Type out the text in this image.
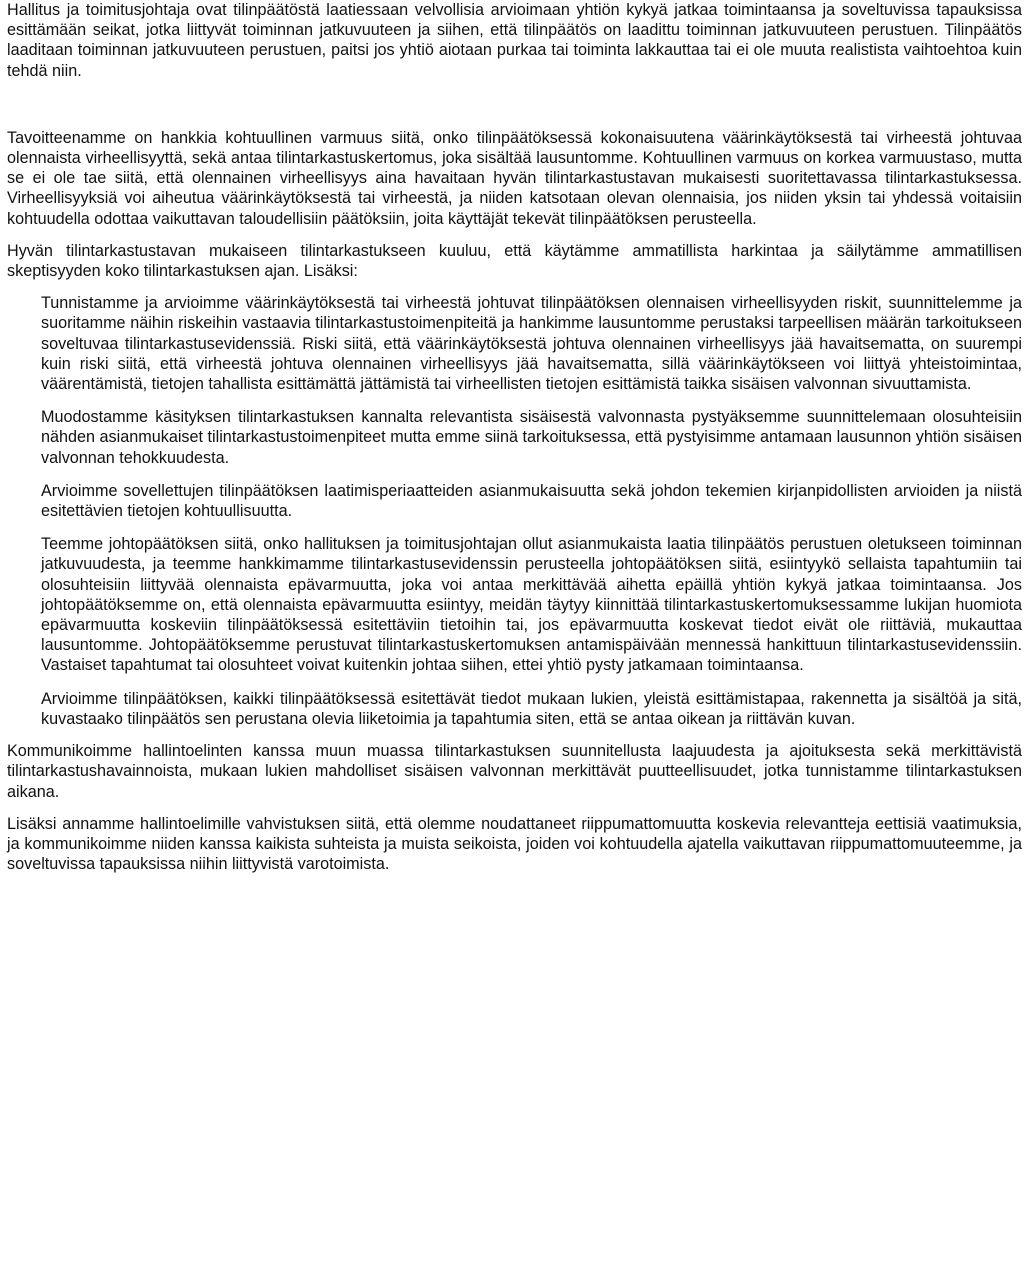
Hallitus ja toimitusjohtaja ovat tilinpäätöstä laatiessaan velvollisia arvioimaan yhtiön kykyä jatkaa toimintaansa ja soveltuvissa tapauksissa esittämään seikat, jotka liittyvät toiminnan jatkuvuuteen ja siihen, että tilinpäätös on laadittu toiminnan jatkuvuuteen perustuen. Tilinpäätös laaditaan toiminnan jatkuvuuteen perustuen, paitsi jos yhtiö aiotaan purkaa tai toiminta lakkauttaa tai ei ole muuta realistista vaihtoehtoa kuin tehdä niin.

Tavoitteenamme on hankkia kohtuullinen varmuus siitä, onko tilinpäätöksessä kokonaisuutena väärinkäytöksestä tai virheestä johtuvaa olennaista virheellisyyttä, sekä antaa tilintarkastuskertomus, joka sisältää lausuntomme. Kohtuullinen varmuus on korkea varmuustaso, mutta se ei ole tae siitä, että olennainen virheellisyys aina havaitaan hyvän tilintarkastustavan mukaisesti suoritettavassa tilintarkastuksessa. Virheellisyyksiä voi aiheutua väärinkäytöksestä tai virheestä, ja niiden katsotaan olevan olennaisia, jos niiden yksin tai yhdessä voitaisiin kohtuudella odottaa vaikuttavan taloudellisiin päätöksiin, joita käyttäjät tekevät tilinpäätöksen perusteella.

Hyvän tilintarkastustavan mukaiseen tilintarkastukseen kuuluu, että käytämme ammatillista harkintaa ja säilytämme ammatillisen skeptisyyden koko tilintarkastuksen ajan. Lisäksi:

Tunnistamme ja arvioimme väärinkäytöksestä tai virheestä johtuvat tilinpäätöksen olennaisen virheellisyyden riskit, suunnittelemme ja suoritamme näihin riskeihin vastaavia tilintarkastustoimenpiteitä ja hankimme lausuntomme perustaksi tarpeellisen määrän tarkoitukseen soveltuvaa tilintarkastusevidenssiä. Riski siitä, että väärinkäytöksestä johtuva olennainen virheellisyys jää havaitsematta, on suurempi kuin riski siitä, että virheestä johtuva olennainen virheellisyys jää havaitsematta, sillä väärinkäytökseen voi liittyä yhteistoimintaa, väärentämistä, tietojen tahallista esittämättä jättämistä tai virheellisten tietojen esittämistä taikka sisäisen valvonnan sivuuttamista.

Muodostamme käsityksen tilintarkastuksen kannalta relevantista sisäisestä valvonnasta pystyäksemme suunnittelemaan olosuhteisiin nähden asianmukaiset tilintarkastustoimenpiteet mutta emme siinä tarkoituksessa, että pystyisimme antamaan lausunnon yhtiön sisäisen valvonnan tehokkuudesta.

Arvioimme sovellettujen tilinpäätöksen laatimisperiaatteiden asianmukaisuutta sekä johdon tekemien kirjanpidollisten arvioiden ja niistä esitettävien tietojen kohtuullisuutta.

Teemme johtopäätöksen siitä, onko hallituksen ja toimitusjohtajan ollut asianmukaista laatia tilinpäätös perustuen oletukseen toiminnan jatkuvuudesta, ja teemme hankkimamme tilintarkastusevidenssin perusteella johtopäätöksen siitä, esiintyykö sellaista tapahtumiin tai olosuhteisiin liittyvää olennaista epävarmuutta, joka voi antaa merkittävää aihetta epäillä yhtiön kykyä jatkaa toimintaansa. Jos johtopäätöksemme on, että olennaista epävarmuutta esiintyy, meidän täytyy kiinnittää tilintarkastuskertomuksessamme lukijan huomiota epävarmuutta koskeviin tilinpäätöksessä esitettäviin tietoihin tai, jos epävarmuutta koskevat tiedot eivät ole riittäviä, mukauttaa lausuntomme. Johtopäätöksemme perustuvat tilintarkastuskertomuksen antamispäivään mennessä hankittuun tilintarkastusevidenssiin. Vastaiset tapahtumat tai olosuhteet voivat kuitenkin johtaa siihen, ettei yhtiö pysty jatkamaan toimintaansa.

Arvioimme tilinpäätöksen, kaikki tilinpäätöksessä esitettävät tiedot mukaan lukien, yleistä esittämistapaa, rakennetta ja sisältöä ja sitä, kuvastaako tilinpäätös sen perustana olevia liiketoimia ja tapahtumia siten, että se antaa oikean ja riittävän kuvan.

Kommunikoimme hallintoelinten kanssa muun muassa tilintarkastuksen suunnitellusta laajuudesta ja ajoituksesta sekä merkittävistä tilintarkastushavainnoista, mukaan lukien mahdolliset sisäisen valvonnan merkittävät puutteellisuudet, jotka tunnistamme tilintarkastuksen aikana.

Lisäksi annamme hallintoelimille vahvistuksen siitä, että olemme noudattaneet riippumattomuutta koskevia relevantteja eettisiä vaatimuksia, ja kommunikoimme niiden kanssa kaikista suhteista ja muista seikoista, joiden voi kohtuudella ajatella vaikuttavan riippumattomuuteemme, ja soveltuvissa tapauksissa niihin liittyvistä varotoimista.
